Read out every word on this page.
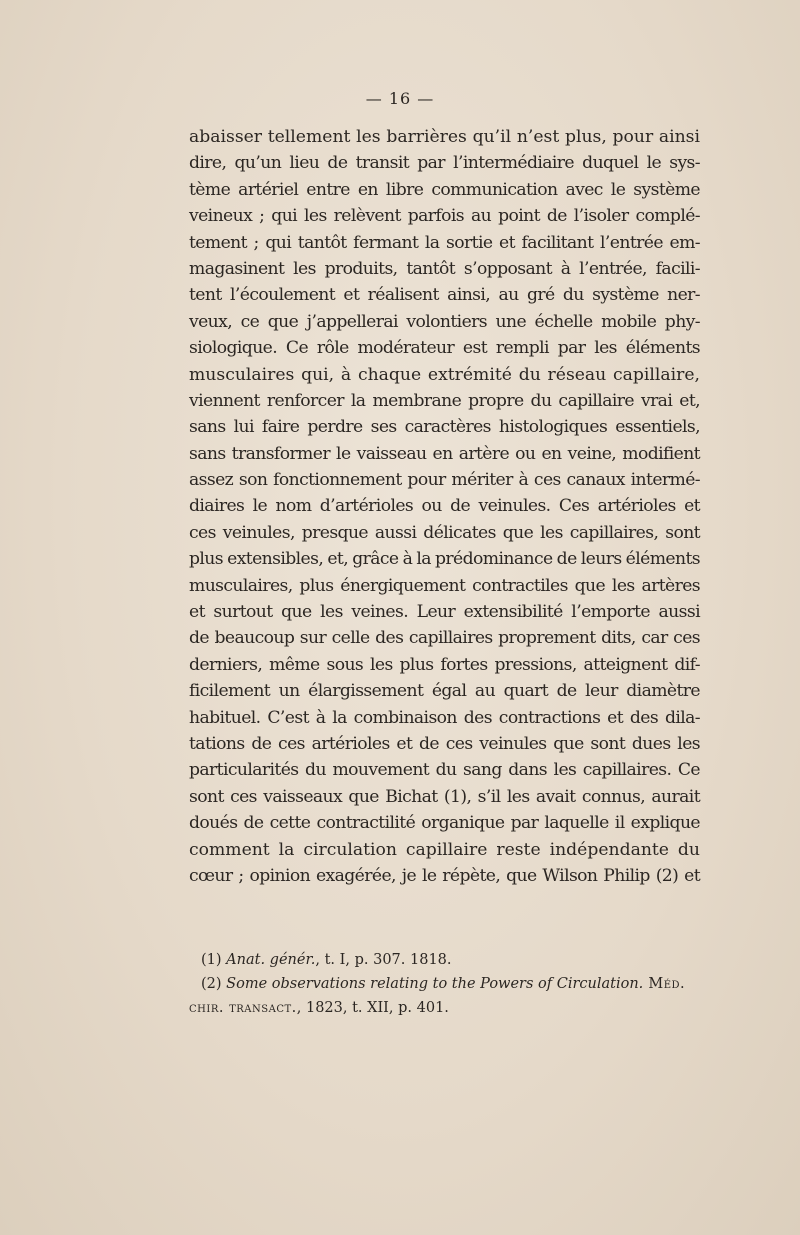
— 16 —
abaisser tellement les barrières qu’il n’est plus, pour ainsi
dire, qu’un lieu de transit par l’intermédiaire duquel le sys-
tème artériel entre en libre communication avec le système
veineux ; qui les relèvent parfois au point de l’isoler complé-
tement ; qui tantôt fermant la sortie et facilitant l’entrée em-
magasinent les produits, tantôt s’opposant à l’entrée, facili-
tent l’écoulement et réalisent ainsi, au gré du système ner-
veux, ce que j’appellerai volontiers une échelle mobile phy-
siologique. Ce rôle modérateur est rempli par les éléments
musculaires qui, à chaque extrémité du réseau capillaire,
viennent renforcer la membrane propre du capillaire vrai et,
sans lui faire perdre ses caractères histologiques essentiels,
sans transformer le vaisseau en artère ou en veine, modifient
assez son fonctionnement pour mériter à ces canaux intermé-
diaires le nom d’artérioles ou de veinules. Ces artérioles et
ces veinules, presque aussi délicates que les capillaires, sont
plus extensibles, et, grâce à la prédominance de leurs éléments
musculaires, plus énergiquement contractiles que les artères
et surtout que les veines. Leur extensibilité l’emporte aussi
de beaucoup sur celle des capillaires proprement dits, car ces
derniers, même sous les plus fortes pressions, atteignent dif-
ficilement un élargissement égal au quart de leur diamètre
habituel. C’est à la combinaison des contractions et des dila-
tations de ces artérioles et de ces veinules que sont dues les
particularités du mouvement du sang dans les capillaires. Ce
sont ces vaisseaux que Bichat (1), s’il les avait connus, aurait
doués de cette contractilité organique par laquelle il explique
comment la circulation capillaire reste indépendante du
cœur ; opinion exagérée, je le répète, que Wilson Philip (2) et
(1) Anat. génér., t. I, p. 307. 1818.
(2) Some observations relating to the Powers of Circulation. Méd.
chir. transact., 1823, t. XII, p. 401.
